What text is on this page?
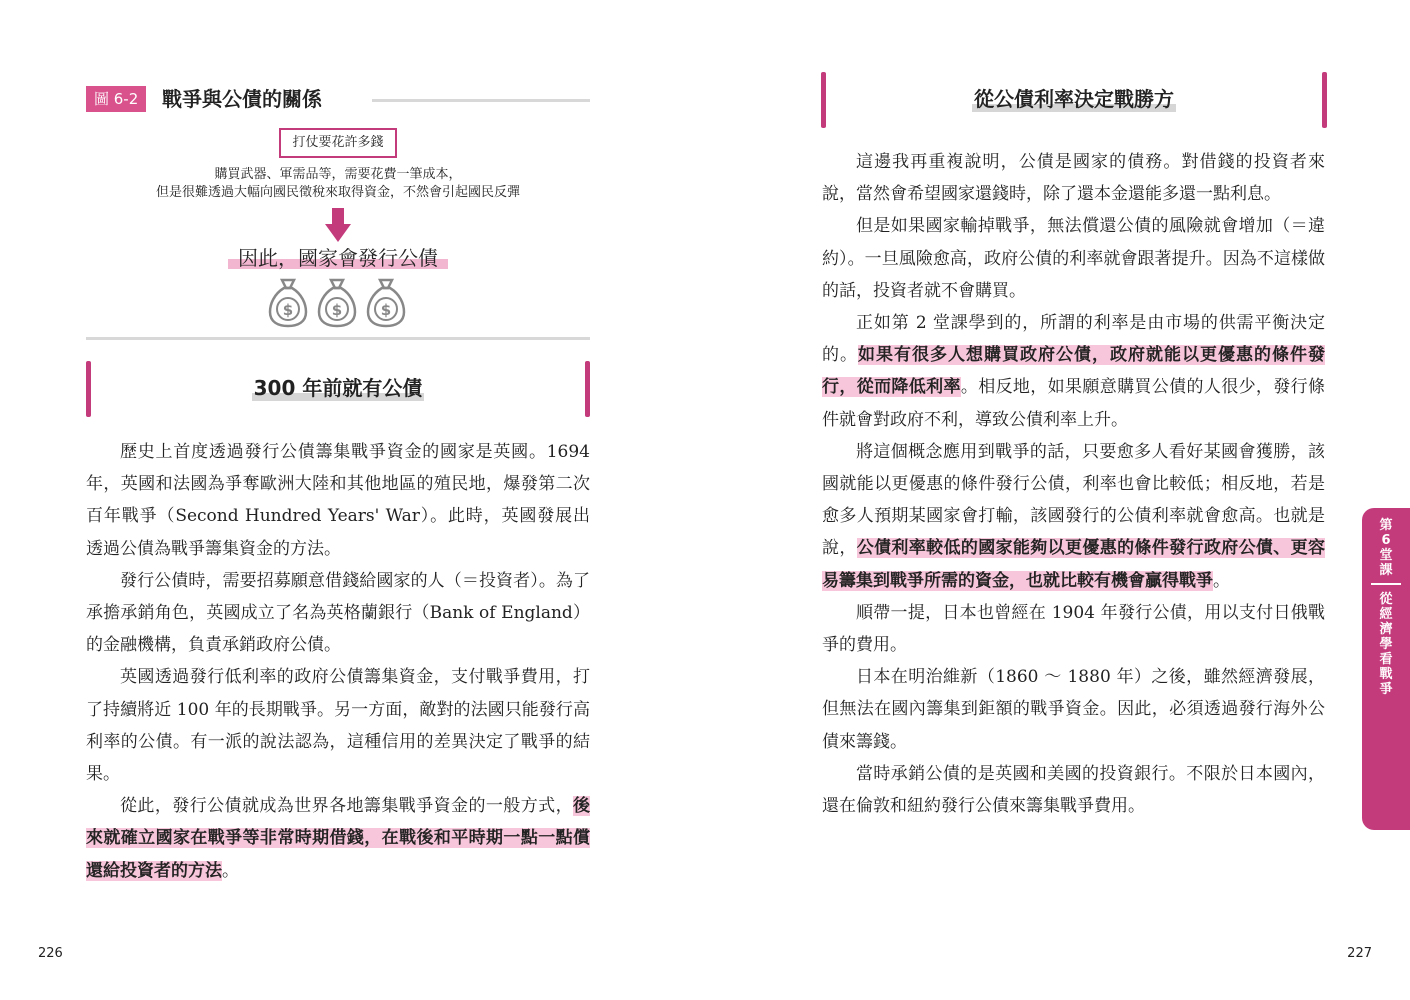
圖 6-2	戰爭與公債的關係
打仗要花許多錢
購買武器、軍需品等，需要花費一筆成本，
但是很難透過大幅向國民徵稅來取得資金，不然會引起國民反彈
因此，國家會發行公債
$	$	$
300 年前就有公債

歷史上首度透過發行公債籌集戰爭資金的國家是英國。1694 年，英國和法國為爭奪歐洲大陸和其他地區的殖民地，爆發第二次百年戰爭（Second Hundred Years' War）。此時，英國發展出透過公債為戰爭籌集資金的方法。

發行公債時，需要招募願意借錢給國家的人（＝投資者）。為了承擔承銷角色，英國成立了名為英格蘭銀行（Bank of England）的金融機構，負責承銷政府公債。

英國透過發行低利率的政府公債籌集資金，支付戰爭費用，打了持續將近 100 年的長期戰爭。另一方面，敵對的法國只能發行高利率的公債。有一派的說法認為，這種信用的差異決定了戰爭的結果。

從此，發行公債就成為世界各地籌集戰爭資金的一般方式，後來就確立國家在戰爭等非常時期借錢，在戰後和平時期一點一點償還給投資者的方法。

226
從公債利率決定戰勝方

這邊我再重複說明，公債是國家的債務。對借錢的投資者來說，當然會希望國家還錢時，除了還本金還能多還一點利息。

但是如果國家輸掉戰爭，無法償還公債的風險就會增加（＝違約）。一旦風險愈高，政府公債的利率就會跟著提升。因為不這樣做的話，投資者就不會購買。

正如第 2 堂課學到的，所謂的利率是由市場的供需平衡決定的。如果有很多人想購買政府公債，政府就能以更優惠的條件發行，從而降低利率。相反地，如果願意購買公債的人很少，發行條件就會對政府不利，導致公債利率上升。

將這個概念應用到戰爭的話，只要愈多人看好某國會獲勝，該國就能以更優惠的條件發行公債，利率也會比較低；相反地，若是愈多人預期某國家會打輸，該國發行的公債利率就會愈高。也就是說，公債利率較低的國家能夠以更優惠的條件發行政府公債、更容易籌集到戰爭所需的資金，也就比較有機會贏得戰爭。

順帶一提，日本也曾經在 1904 年發行公債，用以支付日俄戰爭的費用。

日本在明治維新（1860 ～ 1880 年）之後，雖然經濟發展，但無法在國內籌集到鉅額的戰爭資金。因此，必須透過發行海外公債來籌錢。

當時承銷公債的是英國和美國的投資銀行。不限於日本國內，還在倫敦和紐約發行公債來籌集戰爭費用。

227
第
6
堂
課
從
經
濟
學
看
戰
爭
